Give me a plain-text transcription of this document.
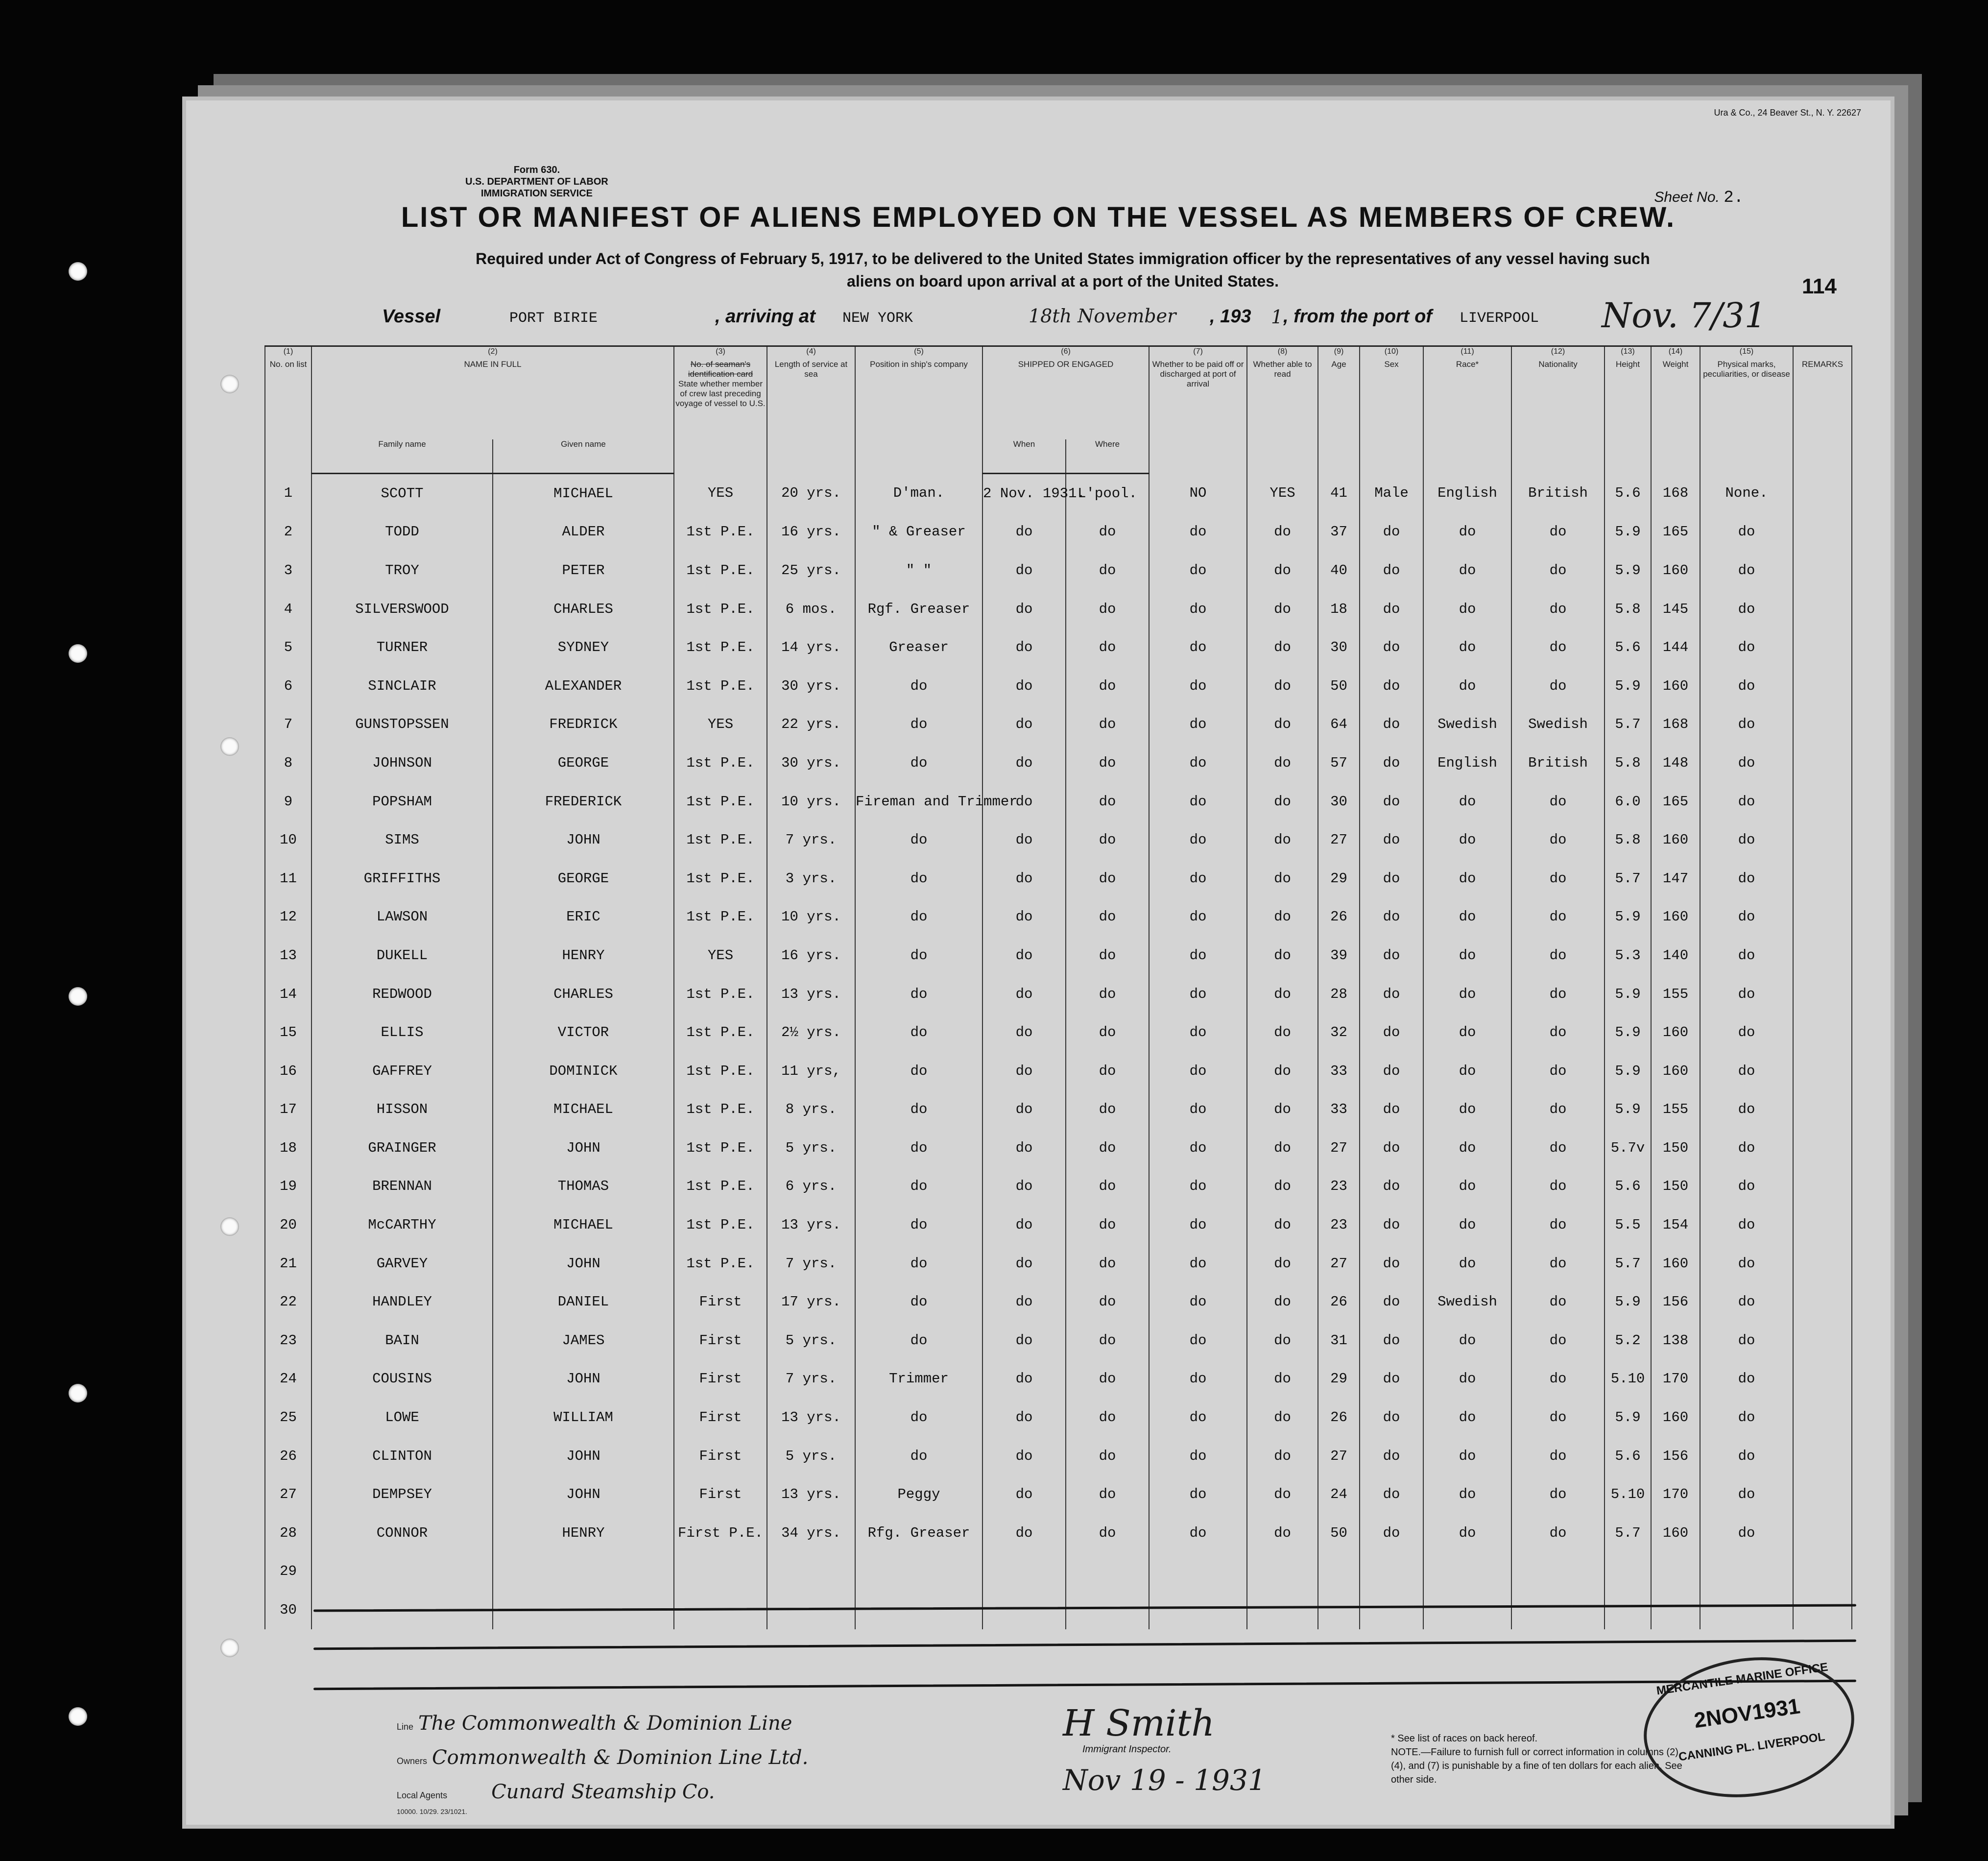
Ura & Co., 24 Beaver St., N. Y. 22627
Form 630.
U.S. DEPARTMENT OF LABOR
IMMIGRATION SERVICE	Sheet No. 2.
114
LIST OR MANIFEST OF ALIENS EMPLOYED ON THE VESSEL AS MEMBERS OF CREW.
Required under Act of Congress of February 5, 1917, to be delivered to the United States immigration officer by the representatives of any vessel having such
aliens on board upon arrival at a port of the United States.
Vessel	PORT BIRIE	, arriving at NEW YORK	18th November , 193 1 , from the port of LIVERPOOL Nov. 7/31
(1)
No. on list	(2)
NAME IN FULL		(3)
No. of seaman's identification card
State whether member of crew last preceding voyage of vessel to U.S.	(4)
Length of service at sea	(5)
Position in ship's company	(6)
SHIPPED OR ENGAGED		(7)
Whether to be paid off or discharged at port of arrival	(8)
Whether able to read	(9)
Age	(10)
Sex	(11)
Race*	(12)
Nationality	(13)
Height	(14)
Weight	(15)
Physical marks, peculiarities, or disease	REMARKS
	Family name	Given name				When	Where										
1	SCOTT	MICHAEL	YES	20 yrs.	D'man.	2 Nov. 1931.	L'pool.	NO	YES	41	Male	English	British	5.6	168	None.	
2	TODD	ALDER	1st P.E.	16 yrs.	" & Greaser	do	do	do	do	37	do	do	do	5.9	165	do	
3	TROY	PETER	1st P.E.	25 yrs.	" "	do	do	do	do	40	do	do	do	5.9	160	do	
4	SILVERSWOOD	CHARLES	1st P.E.	6 mos.	Rgf. Greaser	do	do	do	do	18	do	do	do	5.8	145	do	
5	TURNER	SYDNEY	1st P.E.	14 yrs.	Greaser	do	do	do	do	30	do	do	do	5.6	144	do	
6	SINCLAIR	ALEXANDER	1st P.E.	30 yrs.	do	do	do	do	do	50	do	do	do	5.9	160	do	
7	GUNSTOPSSEN	FREDRICK	YES	22 yrs.	do	do	do	do	do	64	do	Swedish	Swedish	5.7	168	do	
8	JOHNSON	GEORGE	1st P.E.	30 yrs.	do	do	do	do	do	57	do	English	British	5.8	148	do	
9	POPSHAM	FREDERICK	1st P.E.	10 yrs.	Fireman and Trimmer	do	do	do	do	30	do	do	do	6.0	165	do	
10	SIMS	JOHN	1st P.E.	7 yrs.	do	do	do	do	do	27	do	do	do	5.8	160	do	
11	GRIFFITHS	GEORGE	1st P.E.	3 yrs.	do	do	do	do	do	29	do	do	do	5.7	147	do	
12	LAWSON	ERIC	1st P.E.	10 yrs.	do	do	do	do	do	26	do	do	do	5.9	160	do	
13	DUKELL	HENRY	YES	16 yrs.	do	do	do	do	do	39	do	do	do	5.3	140	do	
14	REDWOOD	CHARLES	1st P.E.	13 yrs.	do	do	do	do	do	28	do	do	do	5.9	155	do	
15	ELLIS	VICTOR	1st P.E.	2½ yrs.	do	do	do	do	do	32	do	do	do	5.9	160	do	
16	GAFFREY	DOMINICK	1st P.E.	11 yrs,	do	do	do	do	do	33	do	do	do	5.9	160	do	
17	HISSON	MICHAEL	1st P.E.	8 yrs.	do	do	do	do	do	33	do	do	do	5.9	155	do	
18	GRAINGER	JOHN	1st P.E.	5 yrs.	do	do	do	do	do	27	do	do	do	5.7v	150	do	
19	BRENNAN	THOMAS	1st P.E.	6 yrs.	do	do	do	do	do	23	do	do	do	5.6	150	do	
20	McCARTHY	MICHAEL	1st P.E.	13 yrs.	do	do	do	do	do	23	do	do	do	5.5	154	do	
21	GARVEY	JOHN	1st P.E.	7 yrs.	do	do	do	do	do	27	do	do	do	5.7	160	do	
22	HANDLEY	DANIEL	First	17 yrs.	do	do	do	do	do	26	do	Swedish	do	5.9	156	do	
23	BAIN	JAMES	First	5 yrs.	do	do	do	do	do	31	do	do	do	5.2	138	do	
24	COUSINS	JOHN	First	7 yrs.	Trimmer	do	do	do	do	29	do	do	do	5.10	170	do	
25	LOWE	WILLIAM	First	13 yrs.	do	do	do	do	do	26	do	do	do	5.9	160	do	
26	CLINTON	JOHN	First	5 yrs.	do	do	do	do	do	27	do	do	do	5.6	156	do	
27	DEMPSEY	JOHN	First	13 yrs.	Peggy	do	do	do	do	24	do	do	do	5.10	170	do	
28	CONNOR	HENRY	First P.E.	34 yrs.	Rfg. Greaser	do	do	do	do	50	do	do	do	5.7	160	do	
29																	
30																	
Line The Commonwealth & Dominion Line
Owners Commonwealth & Dominion Line Ltd.
Local Agents Cunard Steamship Co.
10000. 10/29. 23/1021.
H Smith
Immigrant Inspector.
Nov 19 - 1931
* See list of races on back hereof.
NOTE.—Failure to furnish full or correct information in columns (2), (4), and (7) is punishable by a fine of ten dollars for each alien. See other side.
MERCANTILE MARINE OFFICE
2NOV1931
CANNING PL. LIVERPOOL
